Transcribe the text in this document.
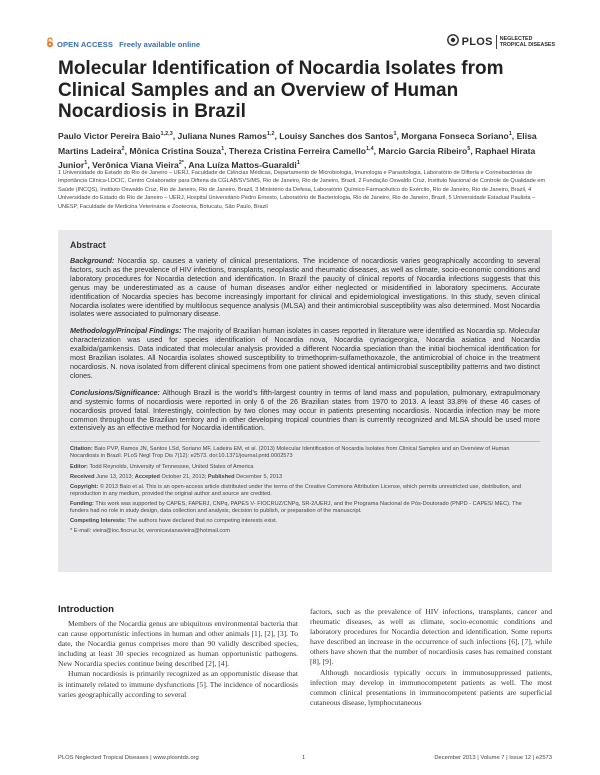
OPEN ACCESS Freely available online	PLOS NEGLECTED
TROPICAL DISEASES
Molecular Identification of Nocardia Isolates from Clinical Samples and an Overview of Human Nocardiosis in Brazil
Paulo Victor Pereira Baio$^{1,2,3}$, Juliana Nunes Ramos$^{1,2}$, Louisy Sanches dos Santos$^1$, Morgana Fonseca Soriano$^1$, Elisa Martins Ladeira$^2$, Mônica Cristina Souza$^1$, Thereza Cristina Ferreira Camello$^{1,4}$, Marcio Garcia Ribeiro$^5$, Raphael Hirata Junior$^1$, Verônica Viana Vieira$^{2*}$, Ana Luíza Mattos-Guaraldi$^1$
1 Universidade do Estado do Rio de Janeiro – UERJ, Faculdade de Ciências Médicas, Departamento de Microbiologia, Imunologia e Parasitologia, Laboratório de Difteria e Corinebactérias de Importância Clínica-LDCIC, Centro Colaborador para Difteria da CGLAB/SVS/MS, Rio de Janeiro, Rio de Janeiro, Brazil, 2 Fundação Oswaldo Cruz, Instituto Nacional de Controle de Qualidade em Saúde (INCQS), Instituto Oswaldo Cruz, Rio de Janeiro, Rio de Janeiro, Brazil, 3 Ministério da Defesa, Laboratório Químico Farmacêutico do Exército, Rio de Janeiro, Rio de Janeiro, Brazil, 4 Universidade do Estado do Rio de Janeiro – UERJ, Hospital Universitário Pedro Ernesto, Laboratório de Bacteriologia, Rio de Janeiro, Rio de Janeiro, Brazil, 5 Universidade Estadual Paulista – UNESP, Faculdade de Medicina Veterinária e Zootecnia, Botucatu, São Paulo, Brazil
Abstract
Background: Nocardia sp. causes a variety of clinical presentations. The incidence of nocardiosis varies geographically according to several factors, such as the prevalence of HIV infections, transplants, neoplastic and rheumatic diseases, as well as climate, socio-economic conditions and laboratory procedures for Nocardia detection and identification. In Brazil the paucity of clinical reports of Nocardia infections suggests that this genus may be underestimated as a cause of human diseases and/or either neglected or misidentified in laboratory specimens. Accurate identification of Nocardia species has become increasingly important for clinical and epidemiological investigations. In this study, seven clinical Nocardia isolates were identified by multilocus sequence analysis (MLSA) and their antimicrobial susceptibility was also determined. Most Nocardia isolates were associated to pulmonary disease.
Methodology/Principal Findings: The majority of Brazilian human isolates in cases reported in literature were identified as Nocardia sp. Molecular characterization was used for species identification of Nocardia nova, Nocardia cyriacigeorgica, Nocardia asiatica and Nocardia exalbida/gamkensis. Data indicated that molecular analysis provided a different Nocardia speciation than the initial biochemical identification for most Brazilian isolates. All Nocardia isolates showed susceptibility to trimethoprim-sulfamethoxazole, the antimicrobial of choice in the treatment nocardiosis. N. nova isolated from different clinical specimens from one patient showed identical antimicrobial susceptibility patterns and two distinct clones.
Conclusions/Significance: Although Brazil is the world’s fifth-largest country in terms of land mass and population, pulmonary, extrapulmonary and systemic forms of nocardiosis were reported in only 6 of the 26 Brazilian states from 1970 to 2013. A least 33.8% of these 46 cases of nocardiosis proved fatal. Interestingly, coinfection by two clones may occur in patients presenting nocardiosis. Nocardia infection may be more common throughout the Brazilian territory and in other developing tropical countries than is currently recognized and MLSA should be used more extensively as an effective method for Nocardia identification.
Citation: Baio PVP, Ramos JN, Santos LSd, Soriano MF, Ladeira EM, et al. (2013) Molecular Identification of Nocardia Isolates from Clinical Samples and an Overview of Human Nocardiosis in Brazil. PLoS Negl Trop Dis 7(12): e2573. doi:10.1371/journal.pntd.0002573
Editor: Todd Reynolds, University of Tennessee, United States of America
Received June 13, 2013; Accepted October 21, 2013; Published December 5, 2013
Copyright: © 2013 Baio et al. This is an open-access article distributed under the terms of the Creative Commons Attribution License, which permits unrestricted use, distribution, and reproduction in any medium, provided the original author and source are credited.
Funding: This work was supported by CAPES, FAPERJ, CNPq, PAPES V- FIOCRUZ/CNPq, SR-2/UERJ, and the Programa Nacional de Pós-Doutorado (PNPD - CAPES/ MEC). The funders had no role in study design, data collection and analysis, decision to publish, or preparation of the manuscript.
Competing Interests: The authors have declared that no competing interests exist.
* E-mail: vieira@ioc.fiocruz.br, veronicavianavieira@hotmail.com
Introduction

Members of the Nocardia genus are ubiquitous environmental bacteria that can cause opportunistic infections in human and other animals [1], [2], [3]. To date, the Nocardia genus comprises more than 90 validly described species, including at least 30 species recognized as human opportunistic pathogens. New Nocardia species continue being described [2], [4].

Human nocardiosis is primarily recognized as an opportunistic disease that is intimately related to immune dysfunctions [5]. The incidence of nocardiosis varies geographically according to several

factors, such as the prevalence of HIV infections, transplants, cancer and rheumatic diseases, as well as climate, socio-economic conditions and laboratory procedures for Nocardia detection and identification. Some reports have described an increase in the occurrence of such infections [6], [7], while others have shown that the number of nocardiosis cases has remained constant [8], [9].

Although nocardiosis typically occurs in immunosuppressed patients, infection may develop in immunocompetent patients as well. The most common clinical presentations in immunocompetent patients are superficial cutaneous disease, lymphocutaneous

PLOS Neglected Tropical Diseases | www.plosntds.org	1	December 2013 | Volume 7 | Issue 12 | e2573
